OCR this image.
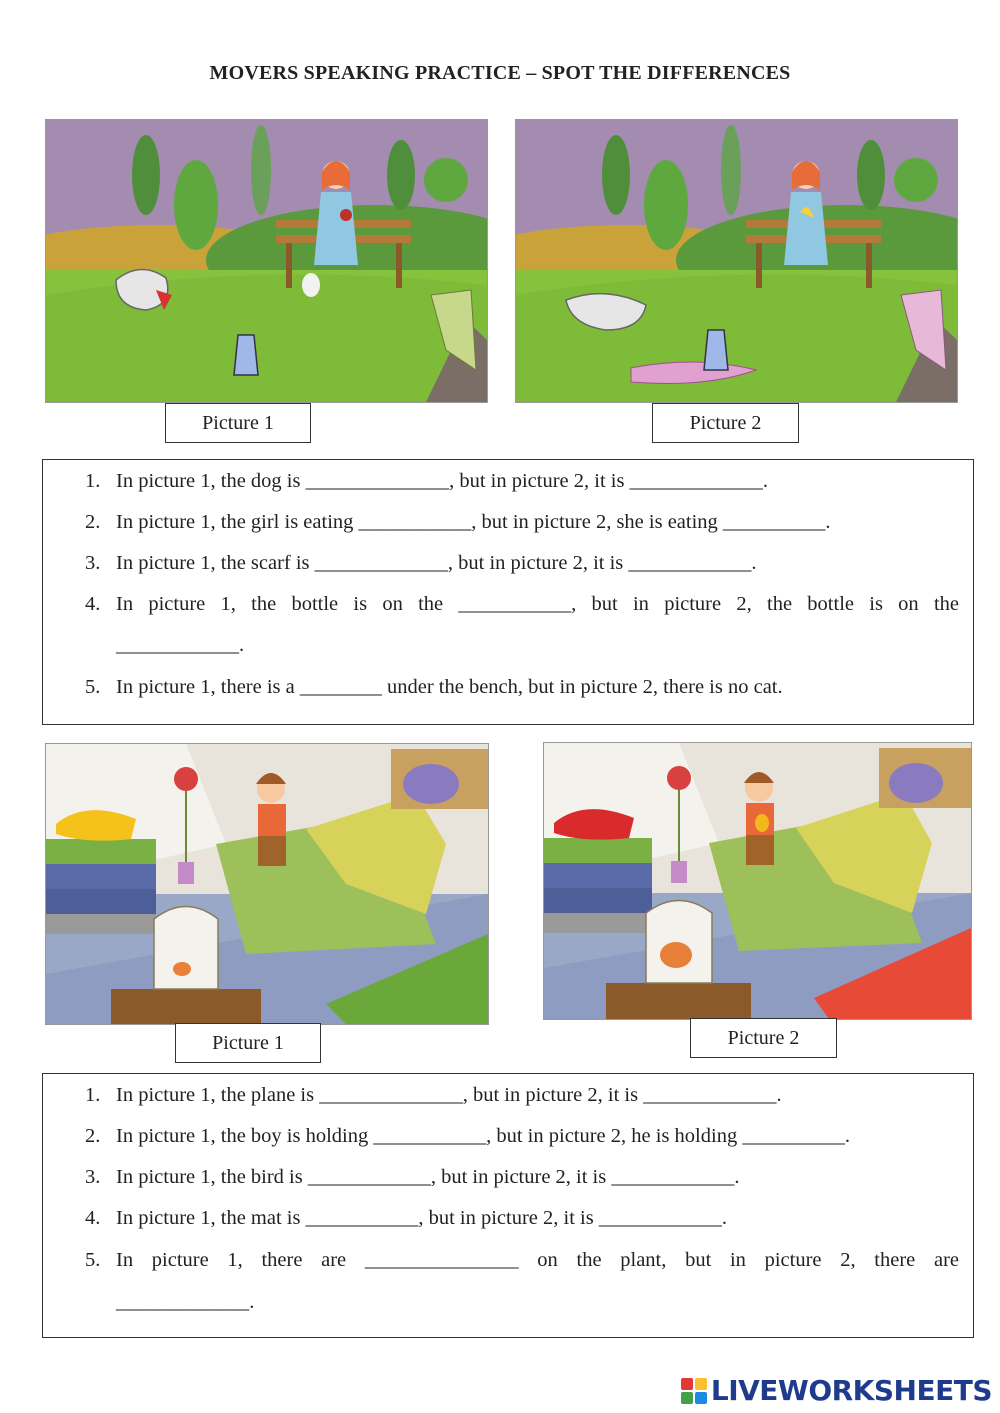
MOVERS SPEAKING PRACTICE – SPOT THE DIFFERENCES
Picture 1	Picture 2
1. In picture 1, the dog is ______________, but in picture 2, it is _____________.
2. In picture 1, the girl is eating ___________, but in picture 2, she is eating __________.
3. In picture 1, the scarf is _____________, but in picture 2, it is ____________.
4. In picture 1, the bottle is on the ___________, but in picture 2, the bottle is on the
____________.
5. In picture 1, there is a ________ under the bench, but in picture 2, there is no cat.
Picture 1	Picture 2
1. In picture 1, the plane is ______________, but in picture 2, it is _____________.
2. In picture 1, the boy is holding ___________, but in picture 2, he is holding __________.
3. In picture 1, the bird is ____________, but in picture 2, it is ____________.
4. In picture 1, the mat is ___________, but in picture 2, it is ____________.
5. In picture 1, there are _______________ on the plant, but in picture 2, there are
_____________.
LIVEWORKSHEETS
